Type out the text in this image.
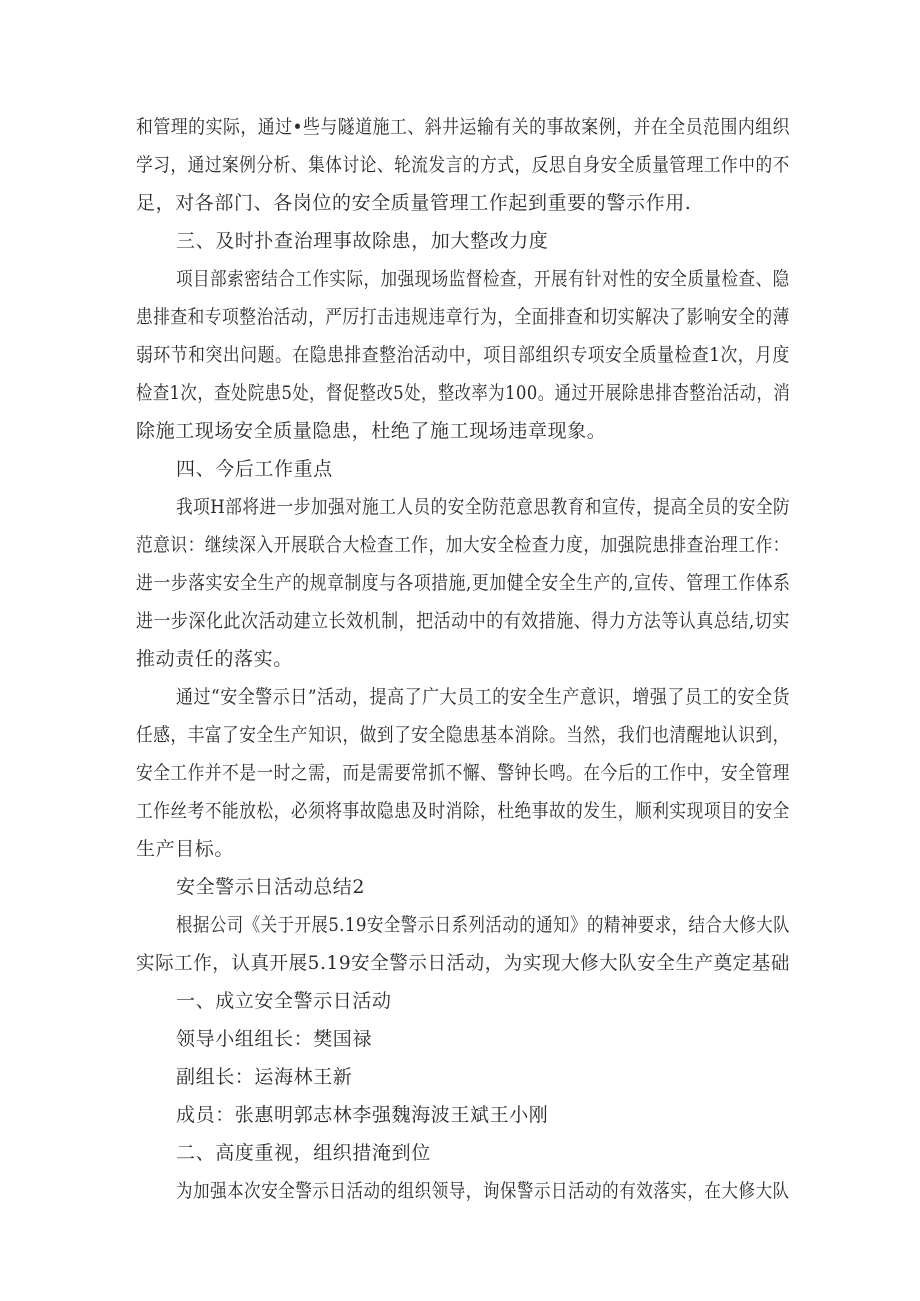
和管理的实际，通过•些与隧道施工、斜井运输有关的事故案例，并在全员范围内组织
学习，通过案例分析、集体讨论、轮流发言的方式，反思自身安全质量管理工作中的不
足，对各部门、各岗位的安全质量管理工作起到重要的警示作用.
三、及时扑查治理事故除患，加大整改力度
项目部索密结合工作实际，加强现场监督检查，开展有针对性的安全质量检查、隐
患排查和专项整治活动，严厉打击违规违章行为，全面排查和切实解决了影响安全的薄
弱环节和突出问题。在隐患排查整治活动中，项目部组织专项安全质量检查1次，月度
检查1次，查处院患5处，督促整改5处，整改率为100。通过开展除患排杳整治活动，消
除施工现场安全质量隐患，杜绝了施工现场违章现象。
四、今后工作重点
我项H部将进一步加强对施工人员的安全防范意思教育和宣传，提高全员的安全防
范意识：继续深入开展联合大检查工作，加大安全检查力度，加强院患排查治理工作：
进一步落实安全生产的规章制度与各项措施,更加健全安全生产的,宣传、管理工作体系
进一步深化此次活动建立长效机制，把活动中的有效措施、得力方法等认真总结,切实
推动责任的落实。
通过“安全警示日”活动，提高了广大员工的安全生产意识，增强了员工的安全货
任感，丰富了安全生产知识，做到了安全隐患基本消除。当然，我们也清醒地认识到，
安全工作并不是一时之需，而是需要常抓不懈、警钟长鸣。在今后的工作中，安全管理
工作丝考不能放松，必须将事故隐患及时消除，杜绝事故的发生，顺利实现项目的安全
生产目标。
安全警示日活动总结2
根据公司《关于开展5.19安全警示日系列活动的通知》的精神要求，结合大修大队
实际工作，认真开展5.19安全警示日活动，为实现大修大队安全生产奠定基础
一、成立安全警示日活动
领导小组组长：樊国禄
副组长：运海林王新
成员：张惠明郭志林李强魏海波王斌王小刚
二、高度重视，组织措淹到位
为加强本次安全警示日活动的组织领导，询保警示日活动的有效落实，在大修大队
